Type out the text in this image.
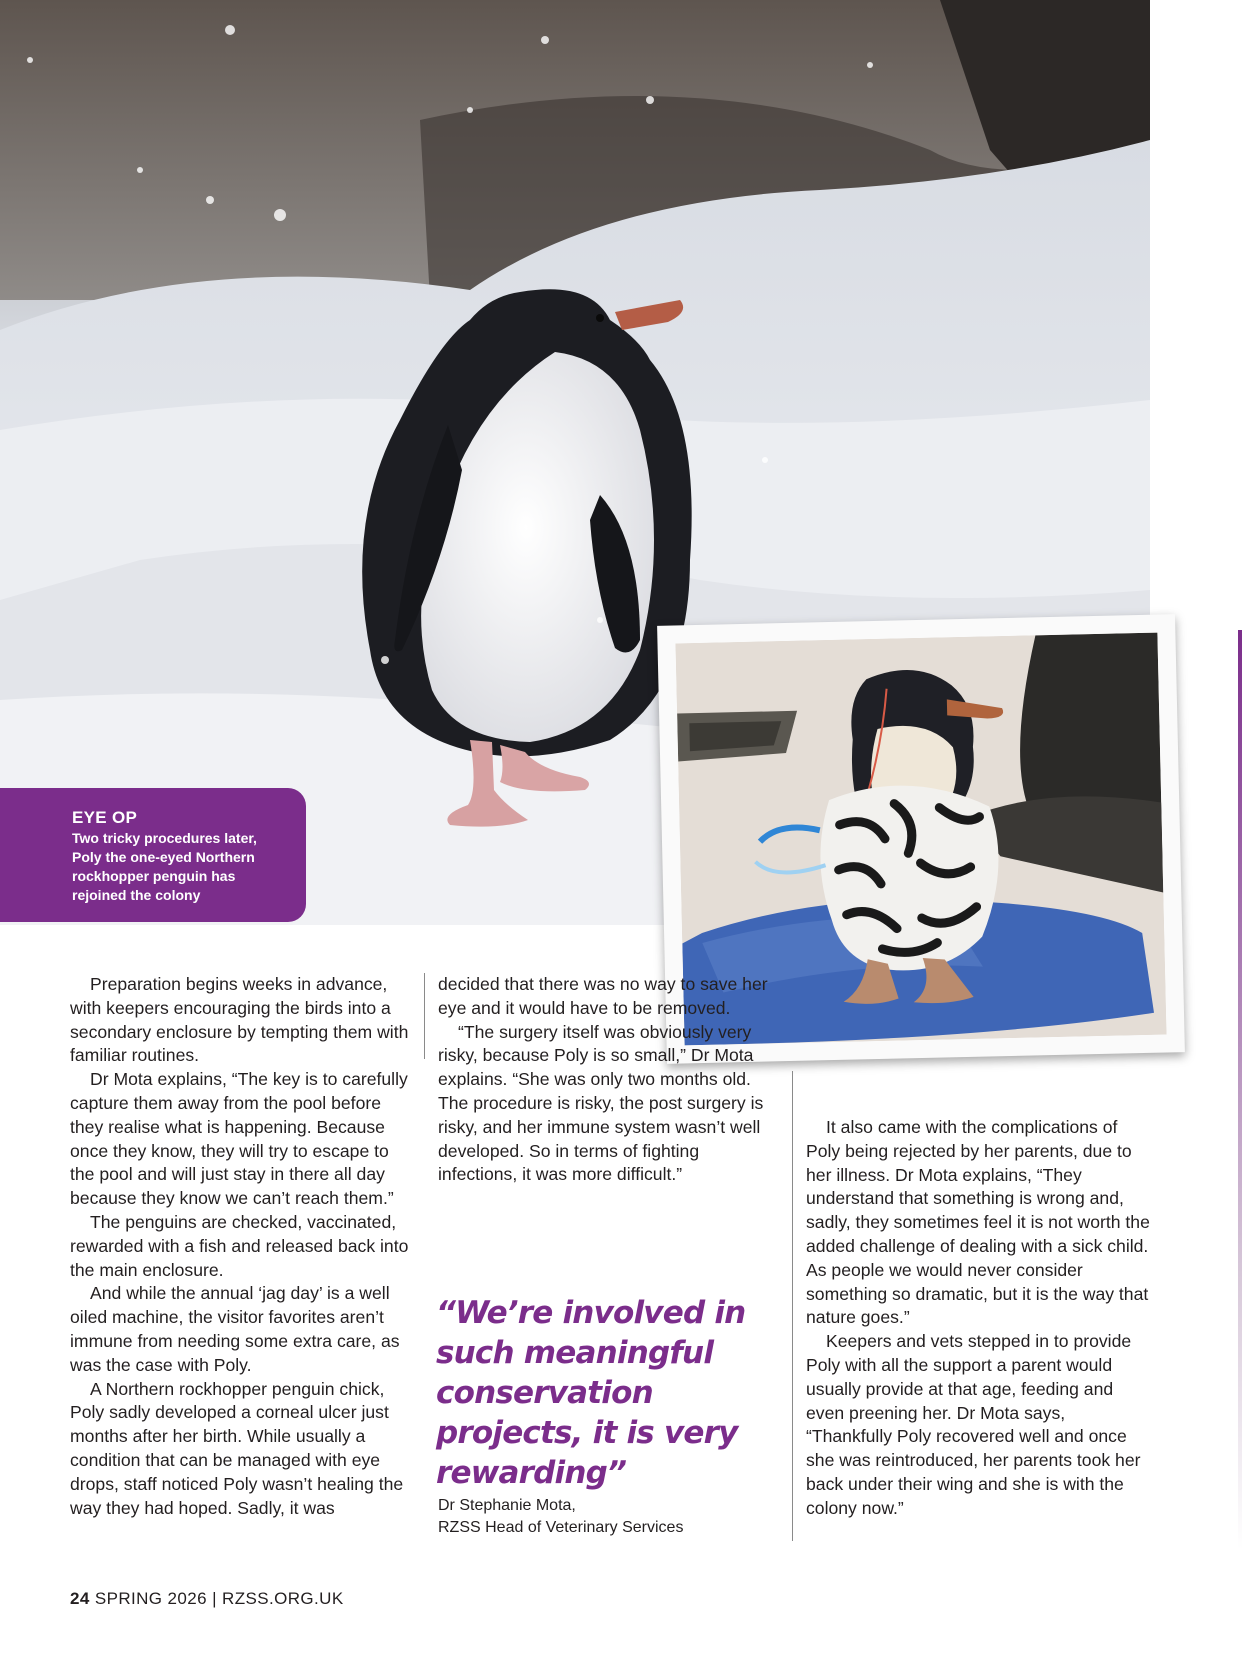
EYE OP
Two tricky procedures later, Poly the one-eyed Northern rockhopper penguin has rejoined the colony

Preparation begins weeks in advance, with keepers encouraging the birds into a secondary enclosure by tempting them with familiar routines.

Dr Mota explains, “The key is to carefully capture them away from the pool before they realise what is happening. Because once they know, they will try to escape to the pool and will just stay in there all day because they know we can’t reach them.”

The penguins are checked, vaccinated, rewarded with a fish and released back into the main enclosure.

And while the annual ‘jag day’ is a well oiled machine, the visitor favorites aren’t immune from needing some extra care, as was the case with Poly.

A Northern rockhopper penguin chick, Poly sadly developed a corneal ulcer just months after her birth. While usually a condition that can be managed with eye drops, staff noticed Poly wasn’t healing the way they had hoped. Sadly, it was

decided that there was no way to save her eye and it would have to be removed.

“The surgery itself was obviously very risky, because Poly is so small,” Dr Mota explains. “She was only two months old. The procedure is risky, the post surgery is risky, and her immune system wasn’t well developed. So in terms of fighting infections, it was more difficult.”

“We’re involved in such meaningful conservation projects, it is very rewarding”
Dr Stephanie Mota,
RZSS Head of Veterinary Services

It also came with the complications of Poly being rejected by her parents, due to her illness. Dr Mota explains, “They understand that something is wrong and, sadly, they sometimes feel it is not worth the added challenge of dealing with a sick child. As people we would never consider something so dramatic, but it is the way that nature goes.”

Keepers and vets stepped in to provide Poly with all the support a parent would usually provide at that age, feeding and even preening her. Dr Mota says, “Thankfully Poly recovered well and once she was reintroduced, her parents took her back under their wing and she is with the colony now.”

24 SPRING 2026 | RZSS.ORG.UK
